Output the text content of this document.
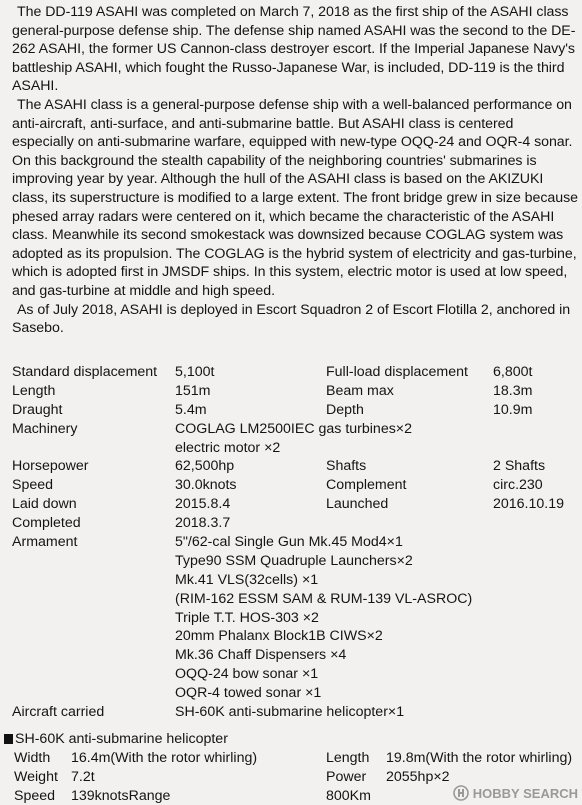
The DD-119 ASAHI was completed on March 7, 2018 as the first ship of the ASAHI class general-purpose defense ship. The defense ship named ASAHI was the second to the DE-262 ASAHI, the former US Cannon-class destroyer escort. If the Imperial Japanese Navy's battleship ASAHI, which fought the Russo-Japanese War, is included, DD-119 is the third ASAHI.

The ASAHI class is a general-purpose defense ship with a well-balanced performance on anti-aircraft, anti-surface, and anti-submarine battle. But ASAHI class is centered especially on anti-submarine warfare, equipped with new-type OQQ-24 and OQR-4 sonar. On this background the stealth capability of the neighboring countries' submarines is improving year by year. Although the hull of the ASAHI class is based on the AKIZUKI class, its superstructure is modified to a large extent. The front bridge grew in size because phesed array radars were centered on it, which became the characteristic of the ASAHI class. Meanwhile its second smokestack was downsized because COGLAG system was adopted as its propulsion. The COGLAG is the hybrid system of electricity and gas-turbine, which is adopted first in JMSDF ships. In this system, electric motor is used at low speed, and gas-turbine at middle and high speed.

As of July 2018, ASAHI is deployed in Escort Squadron 2 of Escort Flotilla 2, anchored in Sasebo.

Standard displacement 5,100t	Full-load displacement 6,800t
Length	151m	Beam max	18.3m
Draught	5.4m	Depth	10.9m
Machinery	COGLAG LM2500IEC gas turbines×2
electric motor ×2
Horsepower	62,500hp	Shafts	2 Shafts
Speed	30.0knots	Complement	circ.230
Laid down	2015.8.4	Launched	2016.10.19
Completed	2018.3.7
Armament	5"/62-cal Single Gun Mk.45 Mod4×1
Type90 SSM Quadruple Launchers×2
Mk.41 VLS(32cells) ×1
(RIM-162 ESSM SAM & RUM-139 VL-ASROC)
Triple T.T. HOS-303 ×2
20mm Phalanx Block1B CIWS×2
Mk.36 Chaff Dispensers ×4
OQQ-24 bow sonar ×1
OQR-4 towed sonar ×1
Aircraft carried	SH-60K anti-submarine helicopter×1
SH-60K anti-submarine helicopter
Width 16.4m(With the rotor whirling)	Length 19.8m(With the rotor whirling)
Weight 7.2t	Power 2055hp×2
Speed 139knotsRange	800Km	HOBBY SEARCH
